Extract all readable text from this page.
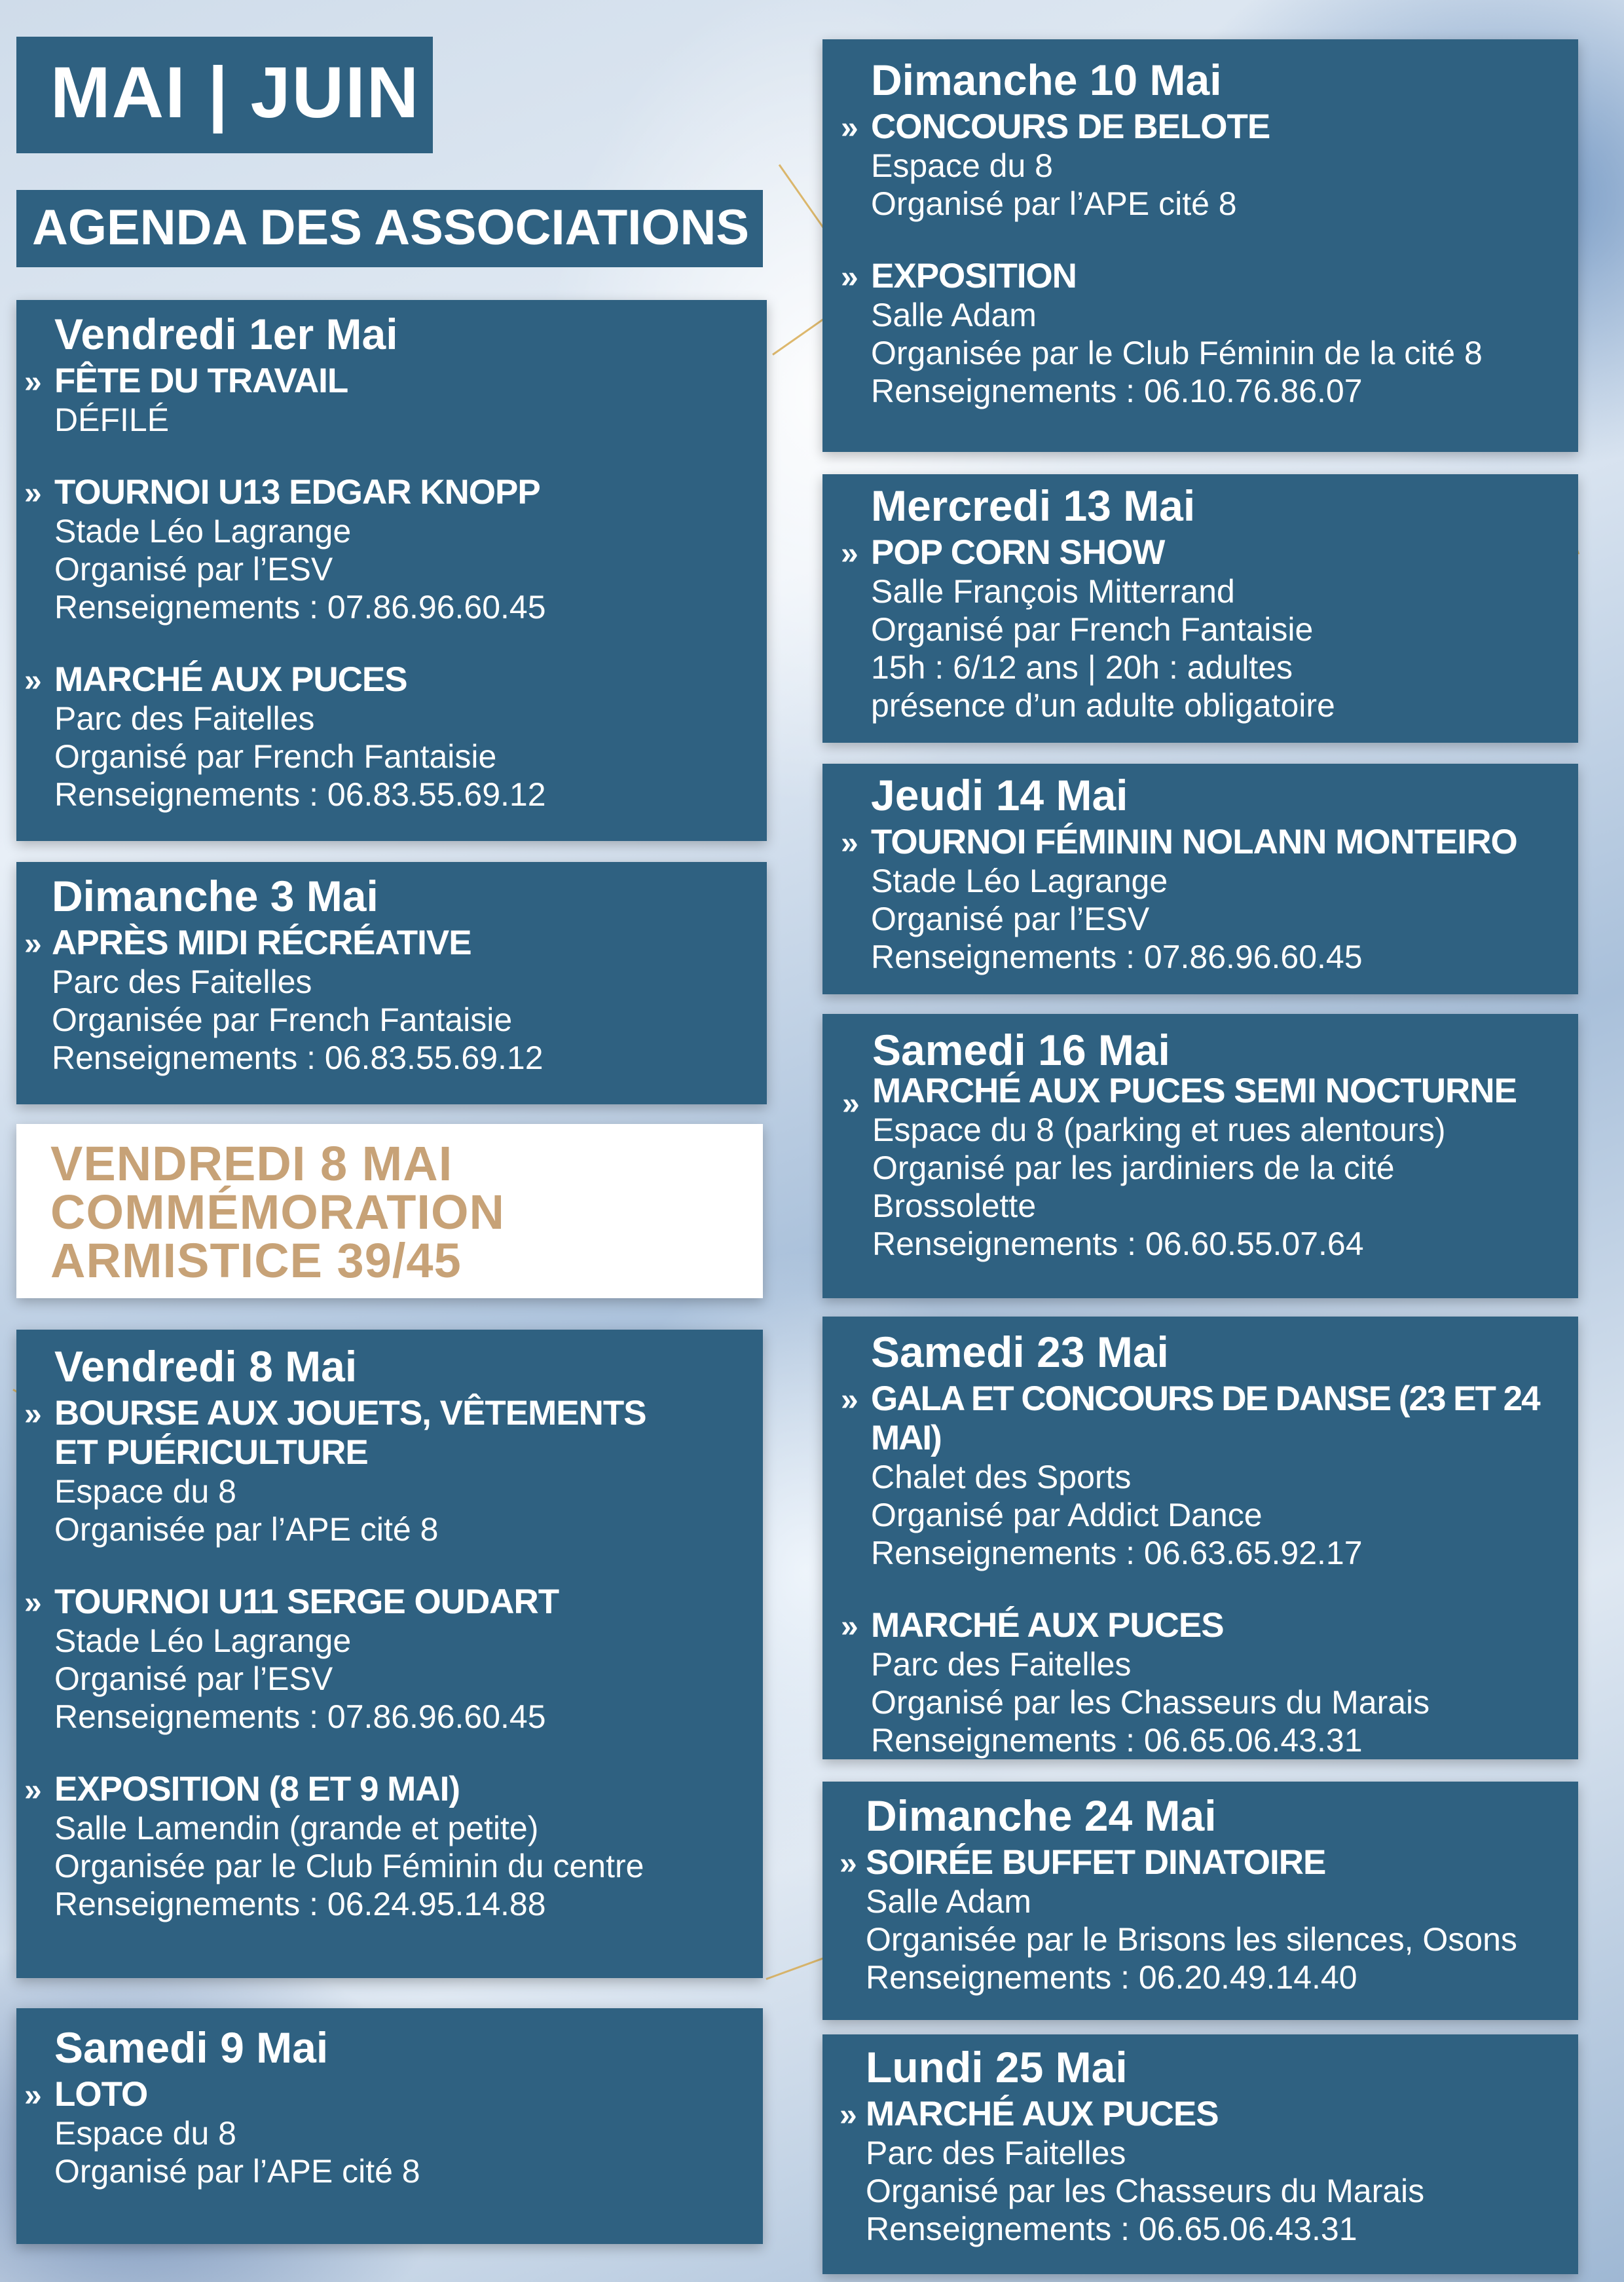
MAI | JUIN
AGENDA DES ASSOCIATIONS
Vendredi 1er Mai
» FÊTE DU TRAVAIL
DÉFILÉ
» TOURNOI U13 EDGAR KNOPP
Stade Léo Lagrange
Organisé par l’ESV
Renseignements : 07.86.96.60.45
» MARCHÉ AUX PUCES
Parc des Faitelles
Organisé par French Fantaisie
Renseignements : 06.83.55.69.12
Dimanche 3 Mai
» APRÈS MIDI RÉCRÉATIVE
Parc des Faitelles
Organisée par French Fantaisie
Renseignements : 06.83.55.69.12
VENDREDI 8 MAI
COMMÉMORATION
ARMISTICE 39/45
Vendredi 8 Mai
» BOURSE AUX JOUETS, VÊTEMENTS ET PUÉRICULTURE
Espace du 8
Organisée par l’APE cité 8
» TOURNOI U11 SERGE OUDART
Stade Léo Lagrange
Organisé par l’ESV
Renseignements : 07.86.96.60.45
» EXPOSITION (8 ET 9 MAI)
Salle Lamendin (grande et petite)
Organisée par le Club Féminin du centre
Renseignements : 06.24.95.14.88
Samedi 9 Mai
» LOTO
Espace du 8
Organisé par l’APE cité 8
Dimanche 10 Mai
» CONCOURS DE BELOTE
Espace du 8
Organisé par l’APE cité 8
» EXPOSITION
Salle Adam
Organisée par le Club Féminin de la cité 8
Renseignements : 06.10.76.86.07
Mercredi 13 Mai
» POP CORN SHOW
Salle François Mitterrand
Organisé par French Fantaisie
15h : 6/12 ans | 20h : adultes
présence d’un adulte obligatoire
Jeudi 14 Mai
» TOURNOI FÉMININ NOLANN MONTEIRO
Stade Léo Lagrange
Organisé par l’ESV
Renseignements : 07.86.96.60.45
Samedi 16 Mai
» MARCHÉ AUX PUCES SEMI NOCTURNE
Espace du 8 (parking et rues alentours)
Organisé par les jardiniers de la cité
Brossolette
Renseignements : 06.60.55.07.64
Samedi 23 Mai
» GALA ET CONCOURS DE DANSE (23 ET 24 MAI)
Chalet des Sports
Organisé par Addict Dance
Renseignements : 06.63.65.92.17
» MARCHÉ AUX PUCES
Parc des Faitelles
Organisé par les Chasseurs du Marais
Renseignements : 06.65.06.43.31
Dimanche 24 Mai
» SOIRÉE BUFFET DINATOIRE
Salle Adam
Organisée par le Brisons les silences, Osons
Renseignements : 06.20.49.14.40
Lundi 25 Mai
» MARCHÉ AUX PUCES
Parc des Faitelles
Organisé par les Chasseurs du Marais
Renseignements : 06.65.06.43.31
